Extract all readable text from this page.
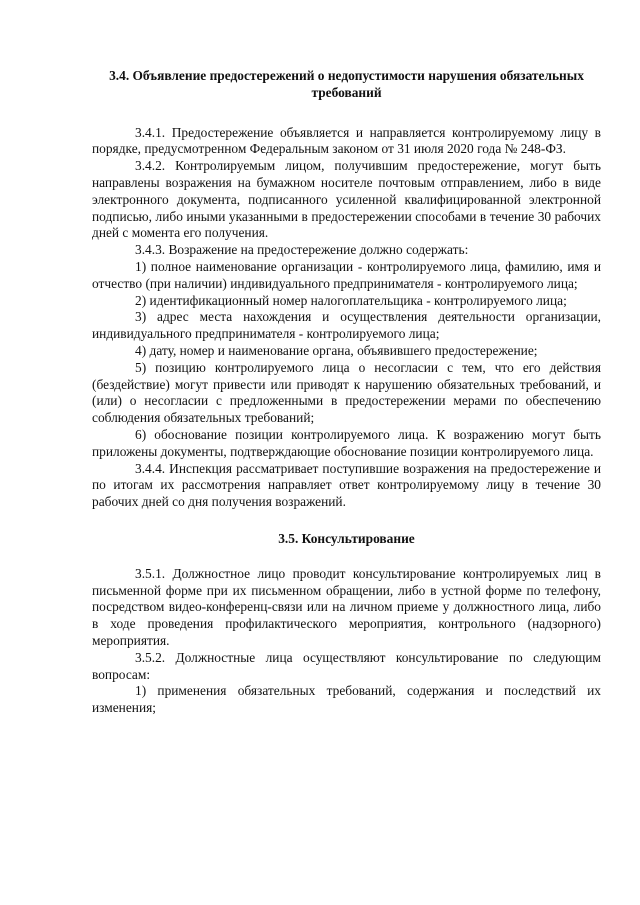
3.4. Объявление предостережений о недопустимости нарушения обязательных требований

3.4.1. Предостережение объявляется и направляется контролируемому лицу в порядке, предусмотренном Федеральным законом от 31 июля 2020 года № 248-ФЗ.

3.4.2. Контролируемым лицом, получившим предостережение, могут быть направлены возражения на бумажном носителе почтовым отправлением, либо в виде электронного документа, подписанного усиленной квалифицированной электронной подписью, либо иными указанными в предостережении способами в течение 30 рабочих дней с момента его получения.

3.4.3. Возражение на предостережение должно содержать:

1) полное наименование организации - контролируемого лица, фамилию, имя и отчество (при наличии) индивидуального предпринимателя - контролируемого лица;

2) идентификационный номер налогоплательщика - контролируемого лица;

3) адрес места нахождения и осуществления деятельности организации, индивидуального предпринимателя - контролируемого лица;

4) дату, номер и наименование органа, объявившего предостережение;

5) позицию контролируемого лица о несогласии с тем, что его действия (бездействие) могут привести или приводят к нарушению обязательных требований, и (или) о несогласии с предложенными в предостережении мерами по обеспечению соблюдения обязательных требований;

6) обоснование позиции контролируемого лица. К возражению могут быть приложены документы, подтверждающие обоснование позиции контролируемого лица.

3.4.4. Инспекция рассматривает поступившие возражения на предостережение и по итогам их рассмотрения направляет ответ контролируемому лицу в течение 30 рабочих дней со дня получения возражений.

3.5. Консультирование

3.5.1. Должностное лицо проводит консультирование контролируемых лиц в письменной форме при их письменном обращении, либо в устной форме по телефону, посредством видео-конференц-связи или на личном приеме у должностного лица, либо в ходе проведения профилактического мероприятия, контрольного (надзорного) мероприятия.

3.5.2. Должностные лица осуществляют консультирование по следующим вопросам:

1) применения обязательных требований, содержания и последствий их изменения;
